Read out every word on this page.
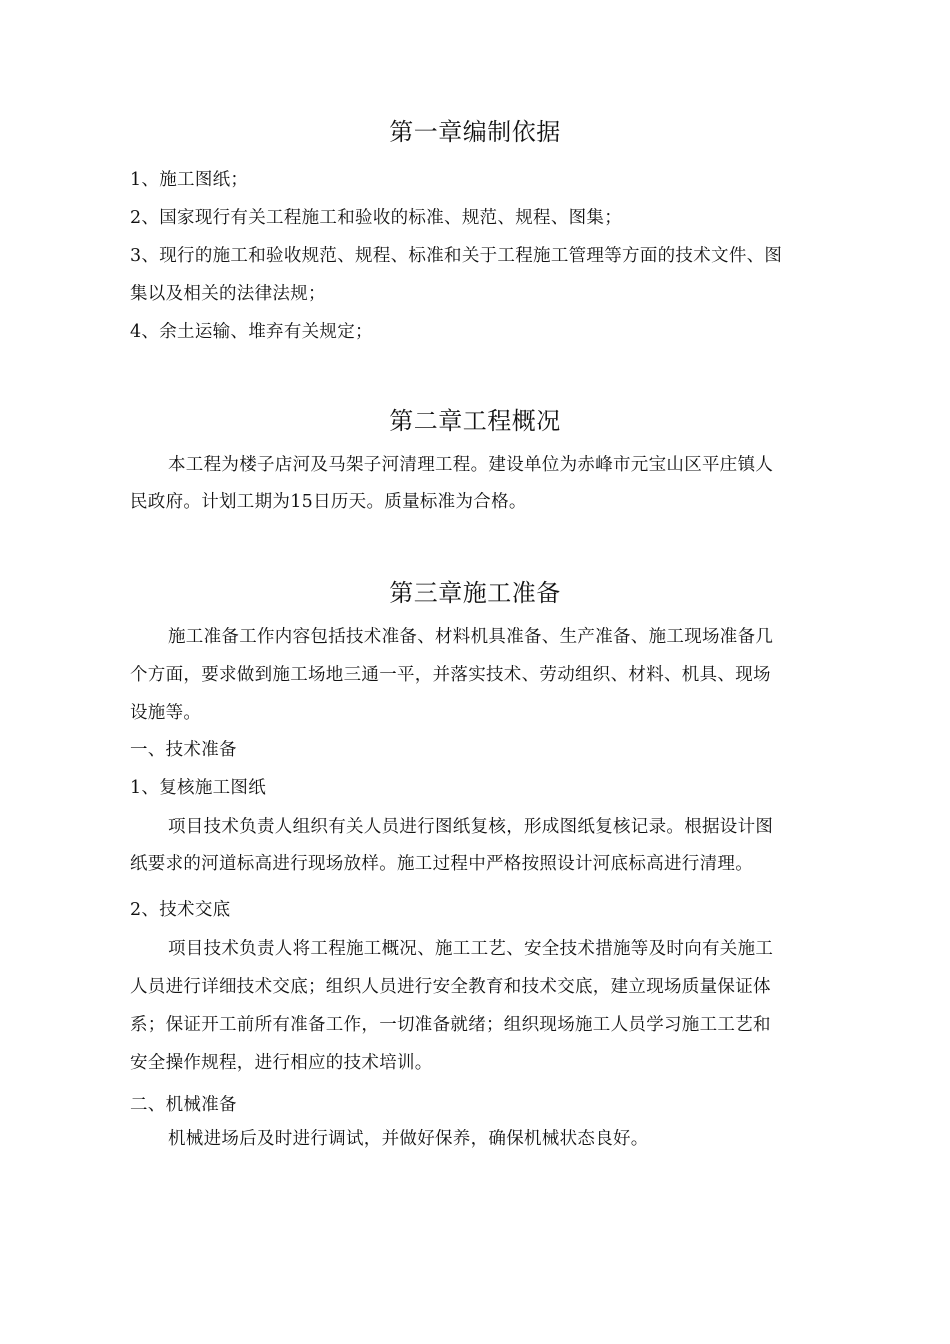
第一章编制依据
1、施工图纸；
2、国家现行有关工程施工和验收的标准、规范、规程、图集；
3、现行的施工和验收规范、规程、标准和关于工程施工管理等方面的技术文件、图
集以及相关的法律法规；
4、余土运输、堆弃有关规定；
第二章工程概况
本工程为楼子店河及马架子河清理工程。建设单位为赤峰市元宝山区平庄镇人
民政府。计划工期为15日历天。质量标准为合格。
第三章施工准备
施工准备工作内容包括技术准备、材料机具准备、生产准备、施工现场准备几
个方面，要求做到施工场地三通一平，并落实技术、劳动组织、材料、机具、现场
设施等。
一、技术准备
1、复核施工图纸
项目技术负责人组织有关人员进行图纸复核，形成图纸复核记录。根据设计图
纸要求的河道标高进行现场放样。施工过程中严格按照设计河底标高进行清理。
2、技术交底
项目技术负责人将工程施工概况、施工工艺、安全技术措施等及时向有关施工
人员进行详细技术交底；组织人员进行安全教育和技术交底，建立现场质量保证体
系；保证开工前所有准备工作，一切准备就绪；组织现场施工人员学习施工工艺和
安全操作规程，进行相应的技术培训。
二、机械准备
机械进场后及时进行调试，并做好保养，确保机械状态良好。
